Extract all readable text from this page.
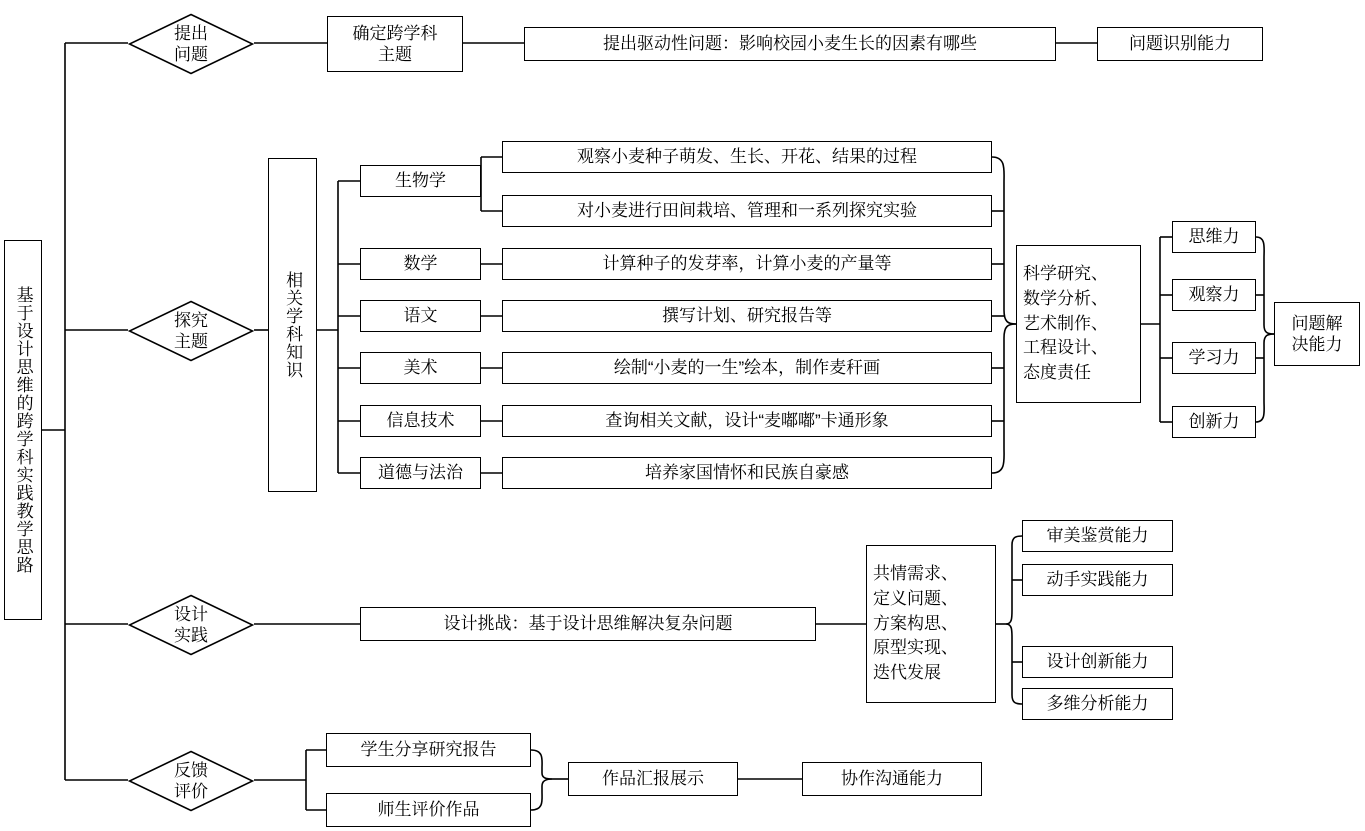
基于设计思维的跨学科实践教学思路
提出
问题
探究
主题
设计
实践
反馈
评价
确定跨学科
主题
提出驱动性问题：影响校园小麦生长的因素有哪些	问题识别能力
相关学科知识
生物学
数学
语文
美术
信息技术
道德与法治
观察小麦种子萌发、生长、开花、结果的过程
对小麦进行田间栽培、管理和一系列探究实验
计算种子的发芽率，计算小麦的产量等
撰写计划、研究报告等
绘制“小麦的一生”绘本，制作麦秆画
查询相关文献，设计“麦嘟嘟”卡通形象
培养家国情怀和民族自豪感
科学研究、
数学分析、
艺术制作、
工程设计、
态度责任
思维力
观察力
学习力
创新力
问题解
决能力
设计挑战：基于设计思维解决复杂问题
共情需求、
定义问题、
方案构思、
原型实现、
迭代发展
审美鉴赏能力
动手实践能力
设计创新能力
多维分析能力
学生分享研究报告
师生评价作品
作品汇报展示	协作沟通能力
